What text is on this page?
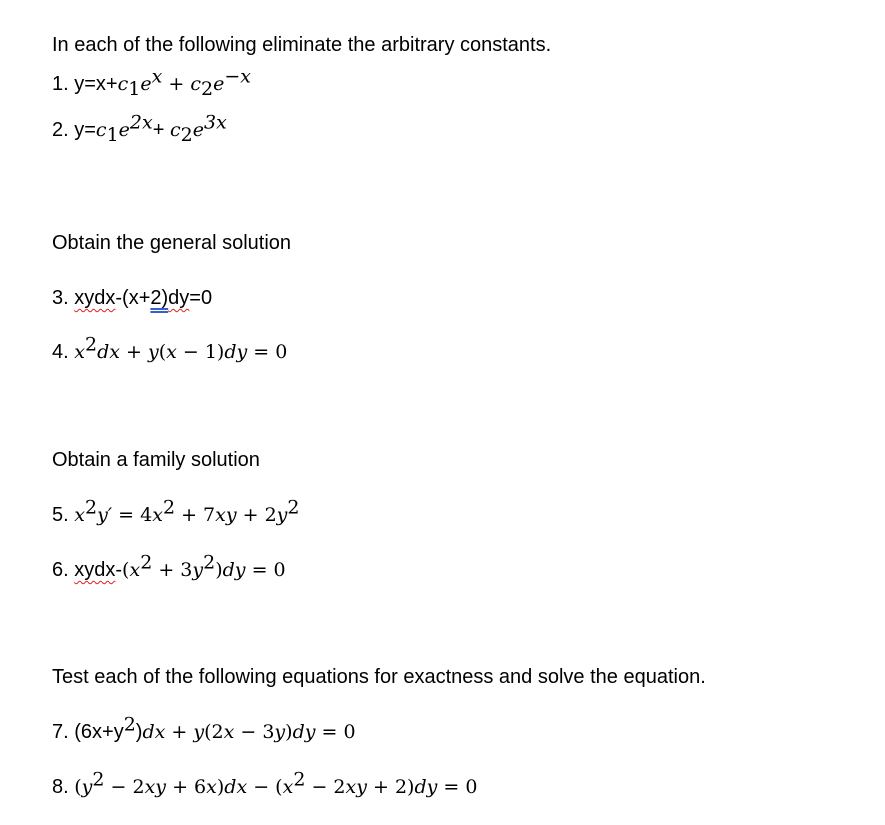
In each of the following eliminate the arbitrary constants.
1. $y=x+c_1e^x + c_2e^{-x}$
2. $y=c_1e^{2x}+ c_2e^{3x}$
Obtain the general solution
3. xydx-(x+2)dy=0
4. $x^2dx + y(x - 1)dy = 0$
Obtain a family solution
5. $x^2y' = 4x^2 + 7xy + 2y^2$
6. xydx-$(x^2 + 3y^2)dy = 0$
Test each of the following equations for exactness and solve the equation.
7. $(6x+y^2)dx + y(2x - 3y)dy = 0$
8. $(y^2 - 2xy + 6x)dx - (x^2 - 2xy + 2)dy = 0$
